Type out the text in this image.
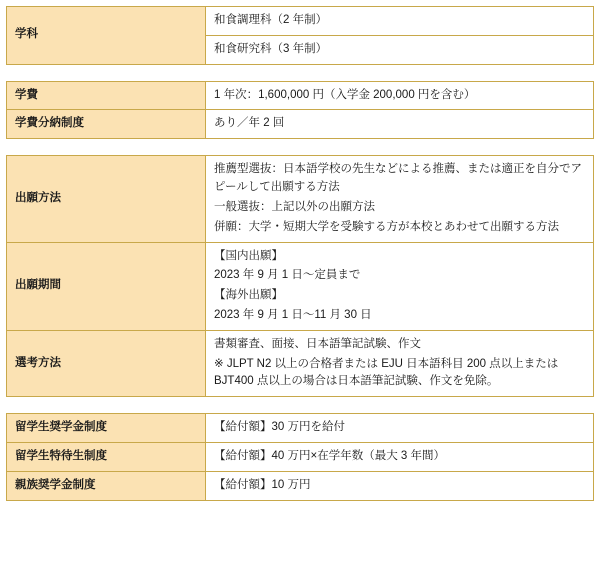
学科	和食調理科（2 年制）
和食研究科（3 年制）
学費	1 年次：1,600,000 円（入学金 200,000 円を含む）
学費分納制度	あり／年 2 回
出願方法	推薦型選抜：日本語学校の先生などによる推薦、または適正を自分でアピールして出願する方法

一般選抜：上記以外の出願方法

併願：大学・短期大学を受験する方が本校とあわせて出願する方法

出願期間	【国内出願】

2023 年 9 月 1 日〜定員まで

【海外出願】

2023 年 9 月 1 日〜11 月 30 日

選考方法	書類審査、面接、日本語筆記試験、作文

※ JLPT N2 以上の合格者または EJU 日本語科目 200 点以上または BJT400 点以上の場合は日本語筆記試験、作文を免除。

留学生奨学金制度	【給付額】30 万円を給付
留学生特待生制度	【給付額】40 万円×在学年数（最大 3 年間）
親族奨学金制度	【給付額】10 万円
